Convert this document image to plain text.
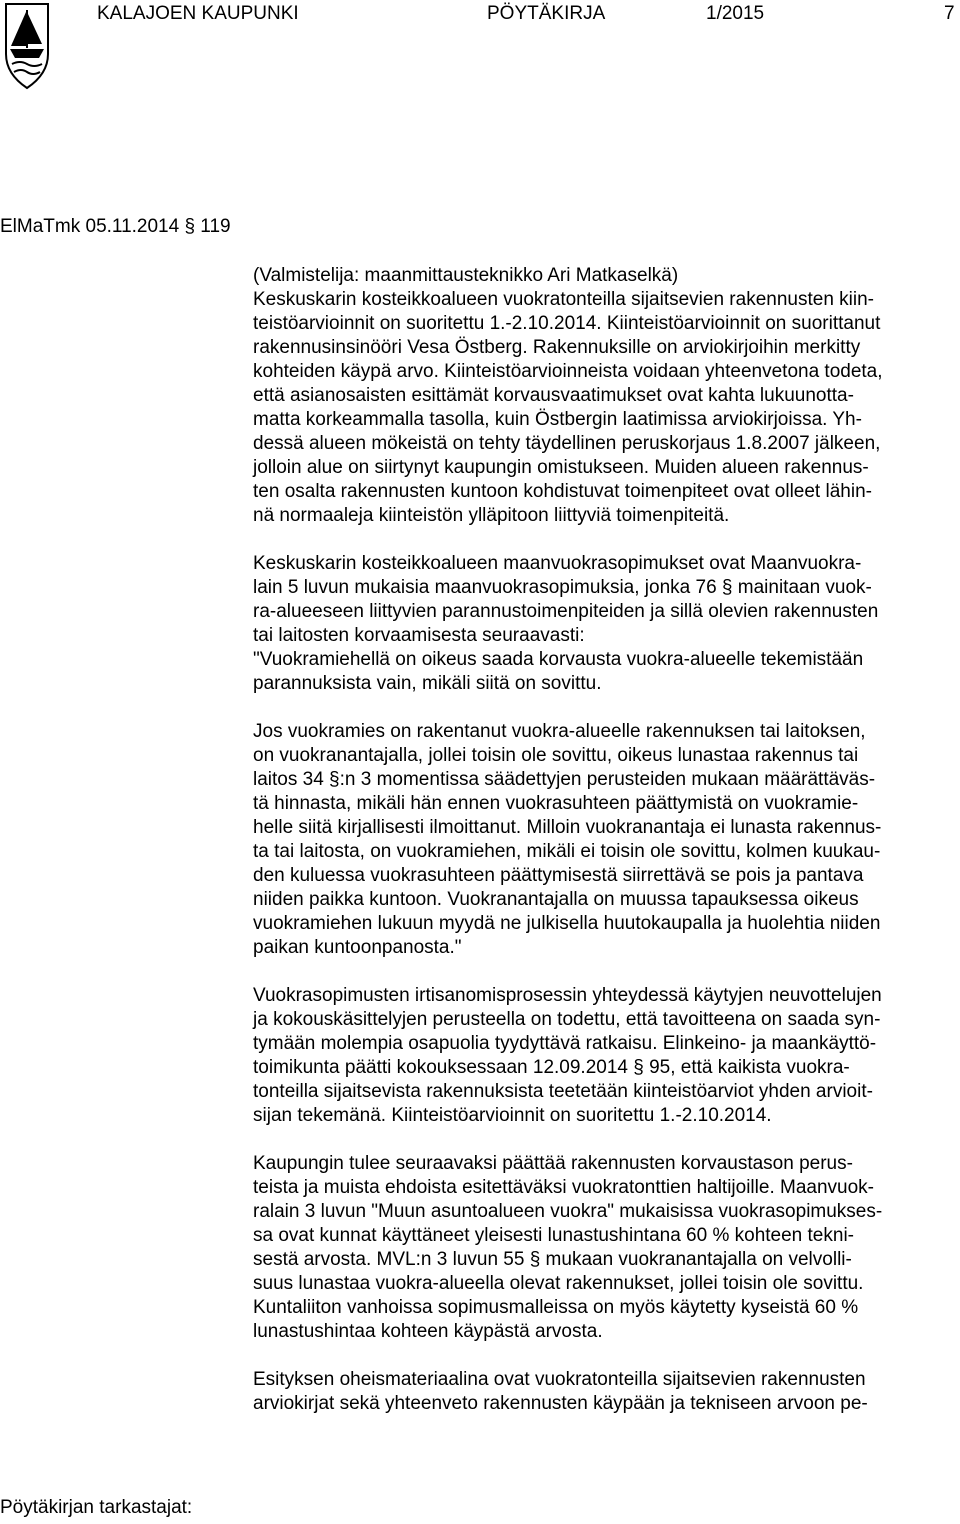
KALAJOEN KAUPUNKI	PÖYTÄKIRJA	1/2015	7
ElMaTmk 05.11.2014 § 119

(Valmistelija: maanmittausteknikko Ari Matkaselkä)
Keskuskarin kosteikkoalueen vuokratonteilla sijaitsevien rakennusten kiin-
teistöarvioinnit on suoritettu 1.-2.10.2014. Kiinteistöarvioinnit on suorittanut
rakennusinsinööri Vesa Östberg. Rakennuksille on arviokirjoihin merkitty
kohteiden käypä arvo. Kiinteistöarvioinneista voidaan yhteenvetona todeta,
että asianosaisten esittämät korvausvaatimukset ovat kahta lukuunotta-
matta korkeammalla tasolla, kuin Östbergin laatimissa arviokirjoissa. Yh-
dessä alueen mökeistä on tehty täydellinen peruskorjaus 1.8.2007 jälkeen,
jolloin alue on siirtynyt kaupungin omistukseen. Muiden alueen rakennus-
ten osalta rakennusten kuntoon kohdistuvat toimenpiteet ovat olleet lähin-
nä normaaleja kiinteistön ylläpitoon liittyviä toimenpiteitä.

Keskuskarin kosteikkoalueen maanvuokrasopimukset ovat Maanvuokra-
lain 5 luvun mukaisia maanvuokrasopimuksia, jonka 76 § mainitaan vuok-
ra-alueeseen liittyvien parannustoimenpiteiden ja sillä olevien rakennusten
tai laitosten korvaamisesta seuraavasti:
"Vuokramiehellä on oikeus saada korvausta vuokra-alueelle tekemistään
parannuksista vain, mikäli siitä on sovittu.

Jos vuokramies on rakentanut vuokra-alueelle rakennuksen tai laitoksen,
on vuokranantajalla, jollei toisin ole sovittu, oikeus lunastaa rakennus tai
laitos 34 §:n 3 momentissa säädettyjen perusteiden mukaan määrättäväs-
tä hinnasta, mikäli hän ennen vuokrasuhteen päättymistä on vuokramie-
helle siitä kirjallisesti ilmoittanut. Milloin vuokranantaja ei lunasta rakennus-
ta tai laitosta, on vuokramiehen, mikäli ei toisin ole sovittu, kolmen kuukau-
den kuluessa vuokrasuhteen päättymisestä siirrettävä se pois ja pantava
niiden paikka kuntoon. Vuokranantajalla on muussa tapauksessa oikeus
vuokramiehen lukuun myydä ne julkisella huutokaupalla ja huolehtia niiden
paikan kuntoonpanosta."

Vuokrasopimusten irtisanomisprosessin yhteydessä käytyjen neuvottelujen
ja kokouskäsittelyjen perusteella on todettu, että tavoitteena on saada syn-
tymään molempia osapuolia tyydyttävä ratkaisu. Elinkeino- ja maankäyttö-
toimikunta päätti kokouksessaan 12.09.2014 § 95, että kaikista vuokra-
tonteilla sijaitsevista rakennuksista teetetään kiinteistöarviot yhden arvioit-
sijan tekemänä. Kiinteistöarvioinnit on suoritettu 1.-2.10.2014.

Kaupungin tulee seuraavaksi päättää rakennusten korvaustason perus-
teista ja muista ehdoista esitettäväksi vuokratonttien haltijoille. Maanvuok-
ralain 3 luvun "Muun asuntoalueen vuokra" mukaisissa vuokrasopimukses-
sa ovat kunnat käyttäneet yleisesti lunastushintana 60 % kohteen tekni-
sestä arvosta. MVL:n 3 luvun 55 § mukaan vuokranantajalla on velvolli-
suus lunastaa vuokra-alueella olevat rakennukset, jollei toisin ole sovittu.
Kuntaliiton vanhoissa sopimusmalleissa on myös käytetty kyseistä 60 %
lunastushintaa kohteen käypästä arvosta.

Esityksen oheismateriaalina ovat vuokratonteilla sijaitsevien rakennusten
arviokirjat sekä yhteenveto rakennusten käypään ja tekniseen arvoon pe-

Pöytäkirjan tarkastajat:
